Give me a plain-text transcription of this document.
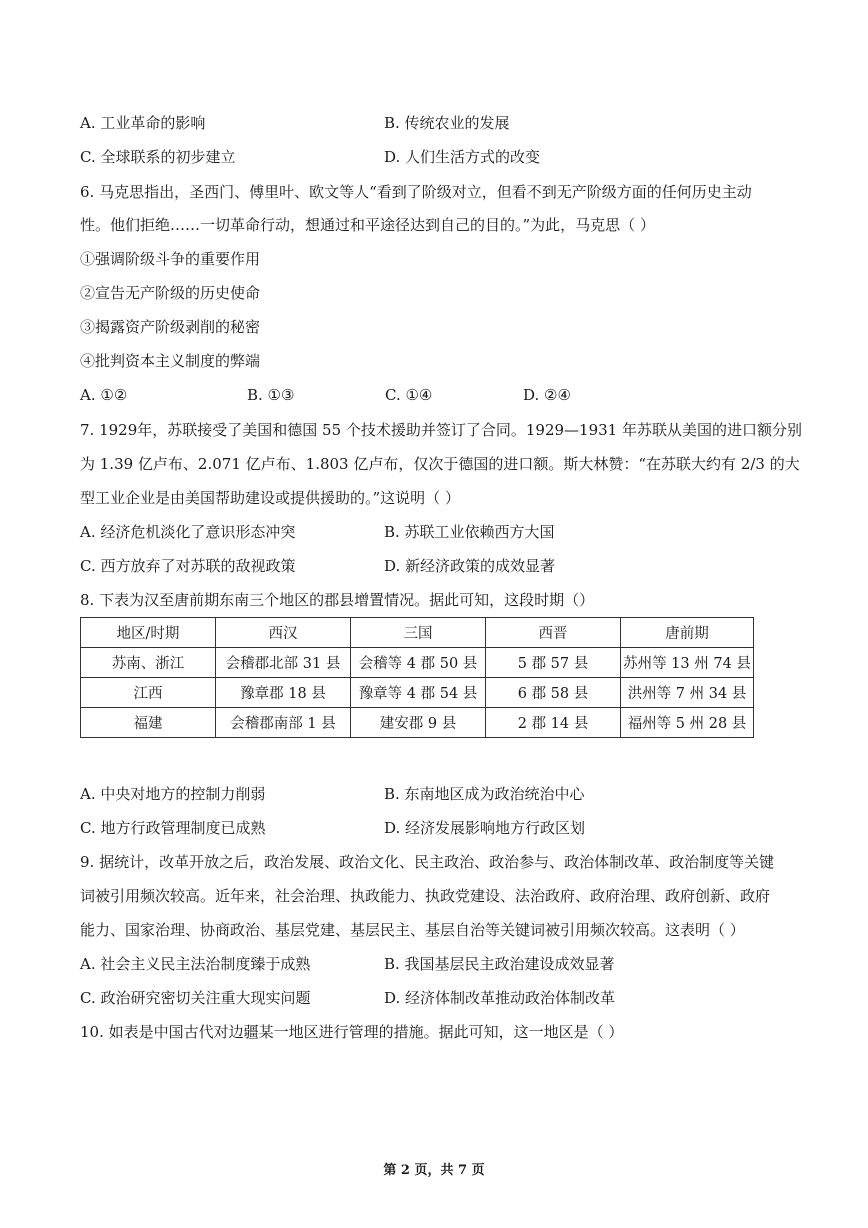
A. 工业革命的影响	B. 传统农业的发展
C. 全球联系的初步建立	D. 人们生活方式的改变
6. 马克思指出，圣西门、傅里叶、欧文等人“看到了阶级对立，但看不到无产阶级方面的任何历史主动
性。他们拒绝……一切革命行动，想通过和平途径达到自己的目的。”为此，马克思（ ）
①强调阶级斗争的重要作用
②宣告无产阶级的历史使命
③揭露资产阶级剥削的秘密
④批判资本主义制度的弊端
A. ①②	B. ①③	C. ①④	D. ②④
7. 1929年，苏联接受了美国和德国 55 个技术援助并签订了合同。1929—1931 年苏联从美国的进口额分别
为 1.39 亿卢布、2.071 亿卢布、1.803 亿卢布，仅次于德国的进口额。斯大林赞：“在苏联大约有 2/3 的大
型工业企业是由美国帮助建设或提供援助的。”这说明（ ）
A. 经济危机淡化了意识形态冲突	B. 苏联工业依赖西方大国
C. 西方放弃了对苏联的敌视政策	D. 新经济政策的成效显著
8. 下表为汉至唐前期东南三个地区的郡县增置情况。据此可知，这段时期（）
地区/时期	西汉	三国	西晋	唐前期
苏南、浙江	会稽郡北部 31 县	会稽等 4 郡 50 县	5 郡 57 县	苏州等 13 州 74 县
江西	豫章郡 18 县	豫章等 4 郡 54 县	6 郡 58 县	洪州等 7 州 34 县
福建	会稽郡南部 1 县	建安郡 9 县	2 郡 14 县	福州等 5 州 28 县
A. 中央对地方的控制力削弱	B. 东南地区成为政治统治中心
C. 地方行政管理制度已成熟	D. 经济发展影响地方行政区划
9. 据统计，改革开放之后，政治发展、政治文化、民主政治、政治参与、政治体制改革、政治制度等关键
词被引用频次较高。近年来，社会治理、执政能力、执政党建设、法治政府、政府治理、政府创新、政府
能力、国家治理、协商政治、基层党建、基层民主、基层自治等关键词被引用频次较高。这表明（ ）
A. 社会主义民主法治制度臻于成熟	B. 我国基层民主政治建设成效显著
C. 政治研究密切关注重大现实问题	D. 经济体制改革推动政治体制改革
10. 如表是中国古代对边疆某一地区进行管理的措施。据此可知，这一地区是（ ）
第 2 页，共 7 页
